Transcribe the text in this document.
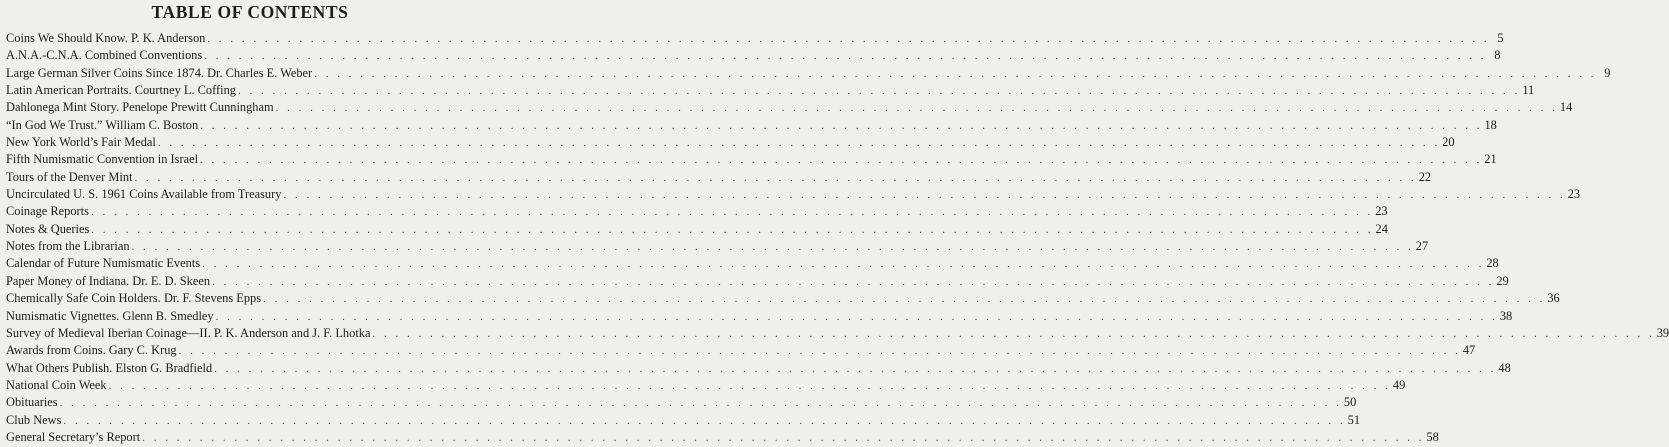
TABLE OF CONTENTS
Coins We Should Know. P. K. Anderson . . .	5
A.N.A.-C.N.A. Combined Conventions . . .	8
Large German Silver Coins Since 1874. Dr. Charles E. Weber . . .	9
Latin American Portraits. Courtney L. Coffing . . .	11
Dahlonega Mint Story. Penelope Prewitt Cunningham . . .	14
“In God We Trust.” William C. Boston . . .	18
New York World’s Fair Medal . . .	20
Fifth Numismatic Convention in Israel . . .	21
Tours of the Denver Mint . . .	22
Uncirculated U. S. 1961 Coins Available from Treasury . . .	23
Coinage Reports . . .	23
Notes & Queries . . .	24
Notes from the Librarian . . .	27
Calendar of Future Numismatic Events . . .	28
Paper Money of Indiana. Dr. E. D. Skeen . . .	29
Chemically Safe Coin Holders. Dr. F. Stevens Epps . . .	36
Numismatic Vignettes. Glenn B. Smedley . . .	38
Survey of Medieval Iberian Coinage—II. P. K. Anderson and J. F. Lhotka . . .	39
Awards from Coins. Gary C. Krug . . .	47
What Others Publish. Elston G. Bradfield . . .	48
National Coin Week . . .	49
Obituaries . . .	50
Club News . . .	51
General Secretary’s Report . . .	58
